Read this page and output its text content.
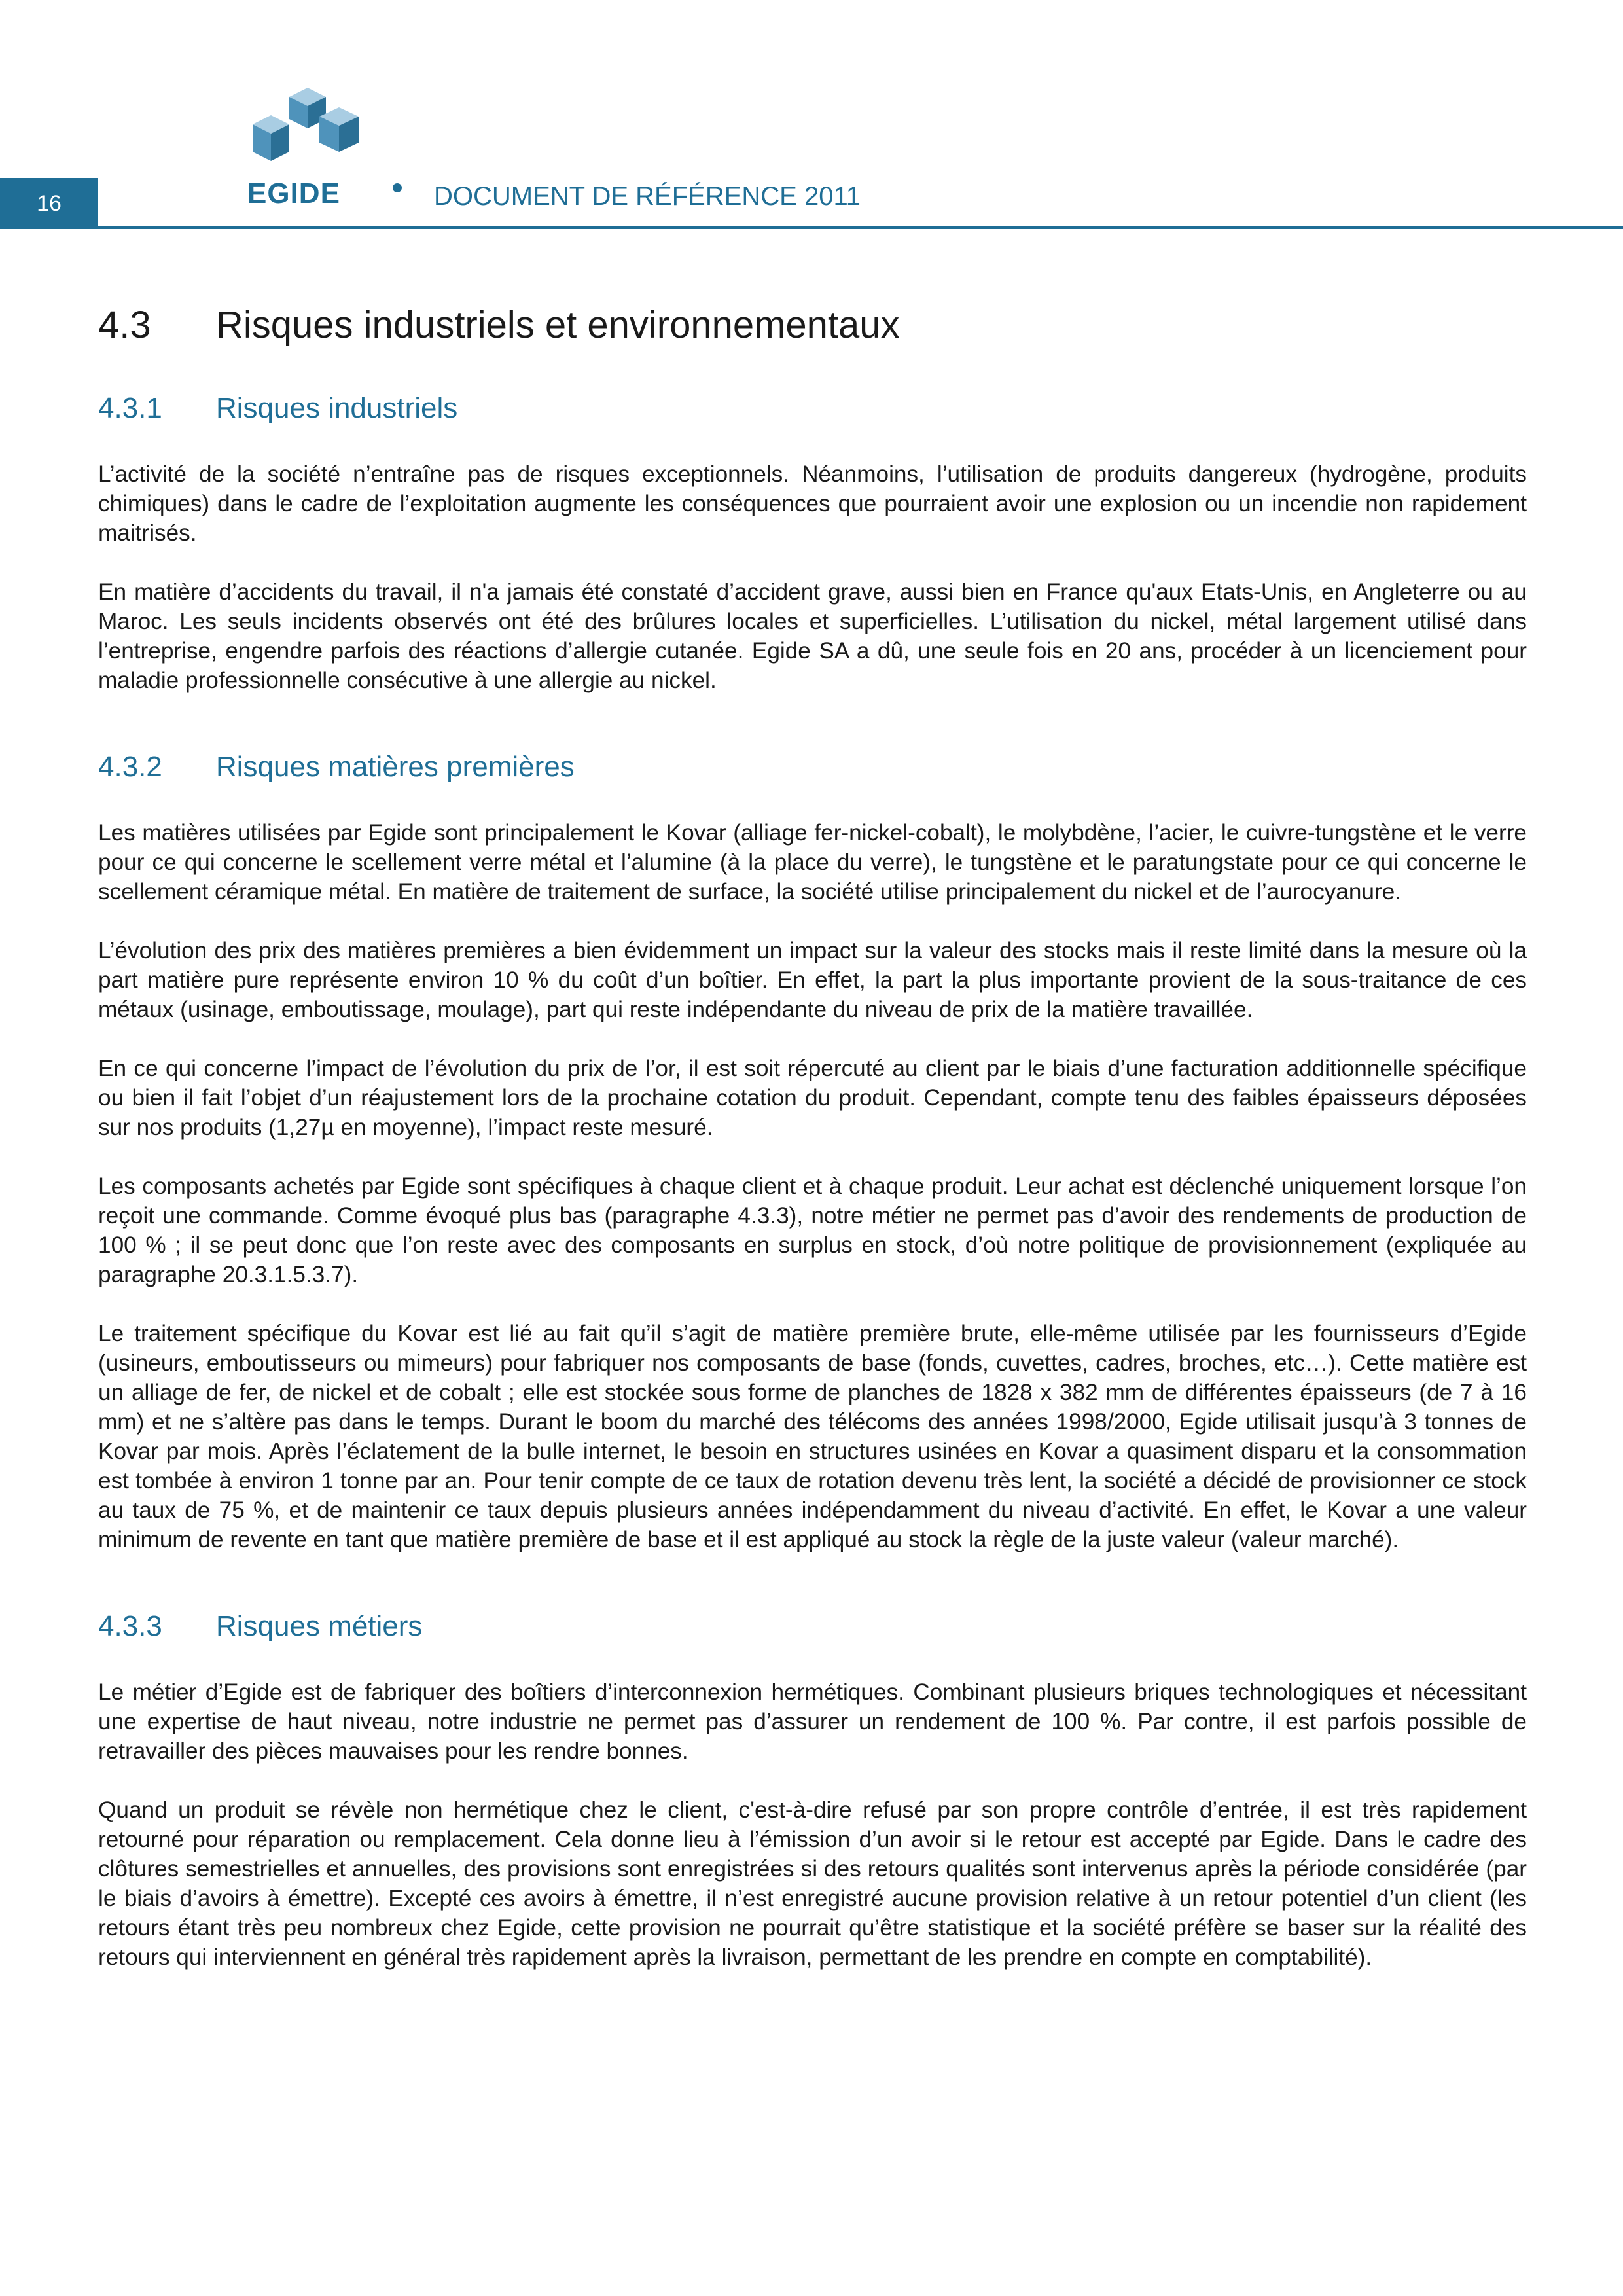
16	EGIDE	DOCUMENT DE RÉFÉRENCE 2011
4.3	Risques industriels et environnementaux
4.3.1	Risques industriels

L’activité de la société n’entraîne pas de risques exceptionnels. Néanmoins, l’utilisation de produits dangereux (hydrogène, produits chimiques) dans le cadre de l’exploitation augmente les conséquences que pourraient avoir une explosion ou un incendie non rapidement maitrisés.

En matière d’accidents du travail, il n'a jamais été constaté d’accident grave, aussi bien en France qu'aux Etats-Unis, en Angleterre ou au Maroc. Les seuls incidents observés ont été des brûlures locales et superficielles. L’utilisation du nickel, métal largement utilisé dans l’entreprise, engendre parfois des réactions d’allergie cutanée. Egide SA a dû, une seule fois en 20 ans, procéder à un licenciement pour maladie professionnelle consécutive à une allergie au nickel.

4.3.2	Risques matières premières

Les matières utilisées par Egide sont principalement le Kovar (alliage fer-nickel-cobalt), le molybdène, l’acier, le cuivre-tungstène et le verre pour ce qui concerne le scellement verre métal et l’alumine (à la place du verre), le tungstène et le paratungstate pour ce qui concerne le scellement céramique métal. En matière de traitement de surface, la société utilise principalement du nickel et de l’aurocyanure.

L’évolution des prix des matières premières a bien évidemment un impact sur la valeur des stocks mais il reste limité dans la mesure où la part matière pure représente environ 10 % du coût d’un boîtier. En effet, la part la plus importante provient de la sous-traitance de ces métaux (usinage, emboutissage, moulage), part qui reste indépendante du niveau de prix de la matière travaillée.

En ce qui concerne l’impact de l’évolution du prix de l’or, il est soit répercuté au client par le biais d’une facturation additionnelle spécifique ou bien il fait l’objet d’un réajustement lors de la prochaine cotation du produit. Cependant, compte tenu des faibles épaisseurs déposées sur nos produits (1,27µ en moyenne), l’impact reste mesuré.

Les composants achetés par Egide sont spécifiques à chaque client et à chaque produit. Leur achat est déclenché uniquement lorsque l’on reçoit une commande. Comme évoqué plus bas (paragraphe 4.3.3), notre métier ne permet pas d’avoir des rendements de production de 100 % ; il se peut donc que l’on reste avec des composants en surplus en stock, d’où notre politique de provisionnement (expliquée au paragraphe 20.3.1.5.3.7).

Le traitement spécifique du Kovar est lié au fait qu’il s’agit de matière première brute, elle-même utilisée par les fournisseurs d’Egide (usineurs, emboutisseurs ou mimeurs) pour fabriquer nos composants de base (fonds, cuvettes, cadres, broches, etc…). Cette matière est un alliage de fer, de nickel et de cobalt ; elle est stockée sous forme de planches de 1828 x 382 mm de différentes épaisseurs (de 7 à 16 mm) et ne s’altère pas dans le temps. Durant le boom du marché des télécoms des années 1998/2000, Egide utilisait jusqu’à 3 tonnes de Kovar par mois. Après l’éclatement de la bulle internet, le besoin en structures usinées en Kovar a quasiment disparu et la consommation est tombée à environ 1 tonne par an. Pour tenir compte de ce taux de rotation devenu très lent, la société a décidé de provisionner ce stock au taux de 75 %, et de maintenir ce taux depuis plusieurs années indépendamment du niveau d’activité. En effet, le Kovar a une valeur minimum de revente en tant que matière première de base et il est appliqué au stock la règle de la juste valeur (valeur marché).

4.3.3	Risques métiers

Le métier d’Egide est de fabriquer des boîtiers d’interconnexion hermétiques. Combinant plusieurs briques technologiques et nécessitant une expertise de haut niveau, notre industrie ne permet pas d’assurer un rendement de 100 %. Par contre, il est parfois possible de retravailler des pièces mauvaises pour les rendre bonnes.

Quand un produit se révèle non hermétique chez le client, c'est-à-dire refusé par son propre contrôle d’entrée, il est très rapidement retourné pour réparation ou remplacement. Cela donne lieu à l’émission d’un avoir si le retour est accepté par Egide. Dans le cadre des clôtures semestrielles et annuelles, des provisions sont enregistrées si des retours qualités sont intervenus après la période considérée (par le biais d’avoirs à émettre). Excepté ces avoirs à émettre, il n’est enregistré aucune provision relative à un retour potentiel d’un client (les retours étant très peu nombreux chez Egide, cette provision ne pourrait qu’être statistique et la société préfère se baser sur la réalité des retours qui interviennent en général très rapidement après la livraison, permettant de les prendre en compte en comptabilité).
